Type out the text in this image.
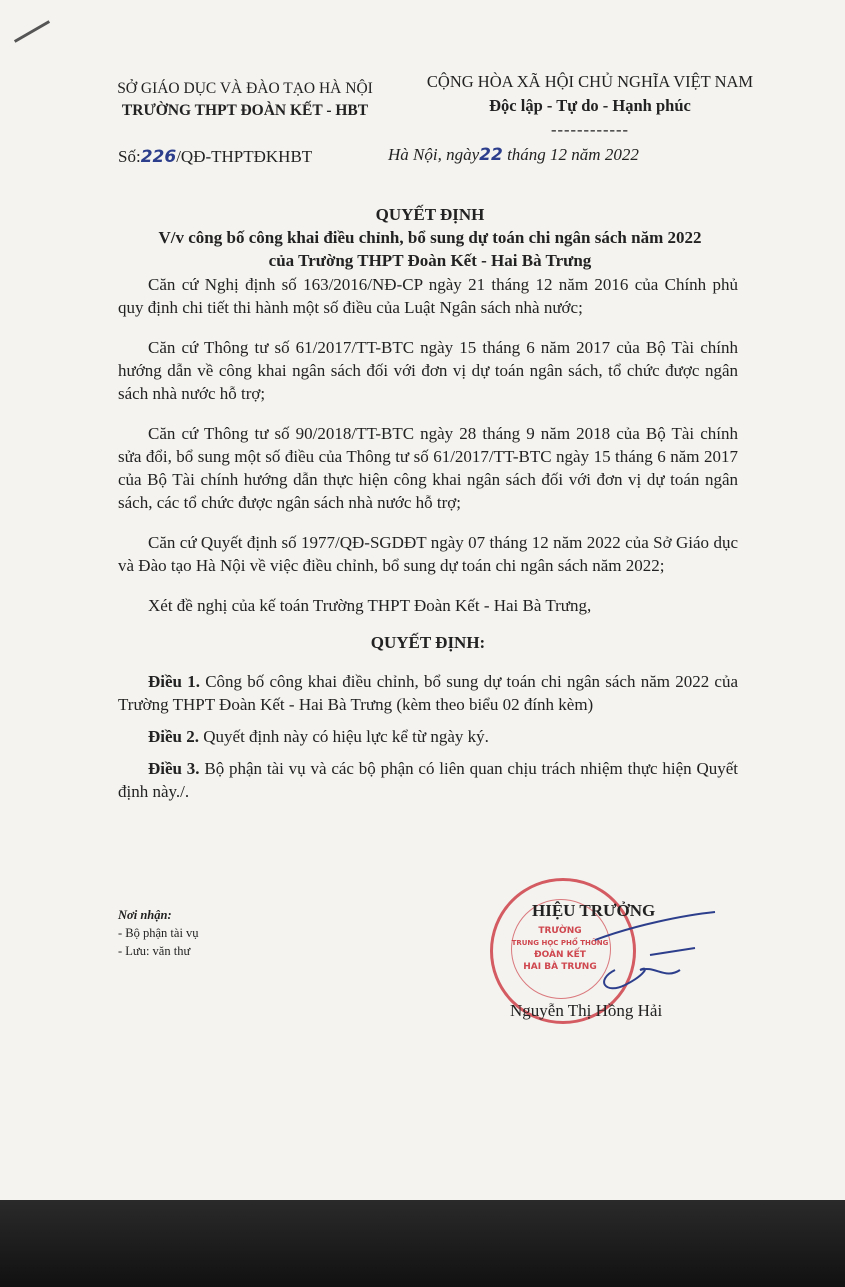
SỞ GIÁO DỤC VÀ ĐÀO TẠO HÀ NỘI
TRƯỜNG THPT ĐOÀN KẾT - HBT
CỘNG HÒA XÃ HỘI CHỦ NGHĨA VIỆT NAM
Độc lập - Tự do - Hạnh phúc
------------
Số:226/QĐ-THPTĐKHBT	Hà Nội, ngày22 tháng 12 năm 2022
QUYẾT ĐỊNH
V/v công bố công khai điều chỉnh, bổ sung dự toán chi ngân sách năm 2022
của Trường THPT Đoàn Kết - Hai Bà Trưng

Căn cứ Nghị định số 163/2016/NĐ-CP ngày 21 tháng 12 năm 2016 của Chính phủ quy định chi tiết thi hành một số điều của Luật Ngân sách nhà nước;

Căn cứ Thông tư số 61/2017/TT-BTC ngày 15 tháng 6 năm 2017 của Bộ Tài chính hướng dẫn về công khai ngân sách đối với đơn vị dự toán ngân sách, tổ chức được ngân sách nhà nước hỗ trợ;

Căn cứ Thông tư số 90/2018/TT-BTC ngày 28 tháng 9 năm 2018 của Bộ Tài chính sửa đổi, bổ sung một số điều của Thông tư số 61/2017/TT-BTC ngày 15 tháng 6 năm 2017 của Bộ Tài chính hướng dẫn thực hiện công khai ngân sách đối với đơn vị dự toán ngân sách, các tổ chức được ngân sách nhà nước hỗ trợ;

Căn cứ Quyết định số 1977/QĐ-SGDĐT ngày 07 tháng 12 năm 2022 của Sở Giáo dục và Đào tạo Hà Nội về việc điều chỉnh, bổ sung dự toán chi ngân sách năm 2022;

Xét đề nghị của kế toán Trường THPT Đoàn Kết - Hai Bà Trưng,

QUYẾT ĐỊNH:

Điều 1. Công bố công khai điều chỉnh, bổ sung dự toán chi ngân sách năm 2022 của Trường THPT Đoàn Kết - Hai Bà Trưng (kèm theo biểu 02 đính kèm)

Điều 2. Quyết định này có hiệu lực kể từ ngày ký.

Điều 3. Bộ phận tài vụ và các bộ phận có liên quan chịu trách nhiệm thực hiện Quyết định này./.

Nơi nhận:
- Bộ phận tài vụ
- Lưu: văn thư
TRƯỜNG
TRUNG HỌC PHỔ THÔNG
ĐOÀN KẾT
HAI BÀ TRƯNG
HIỆU TRƯỞNG
Nguyễn Thị Hồng Hải
